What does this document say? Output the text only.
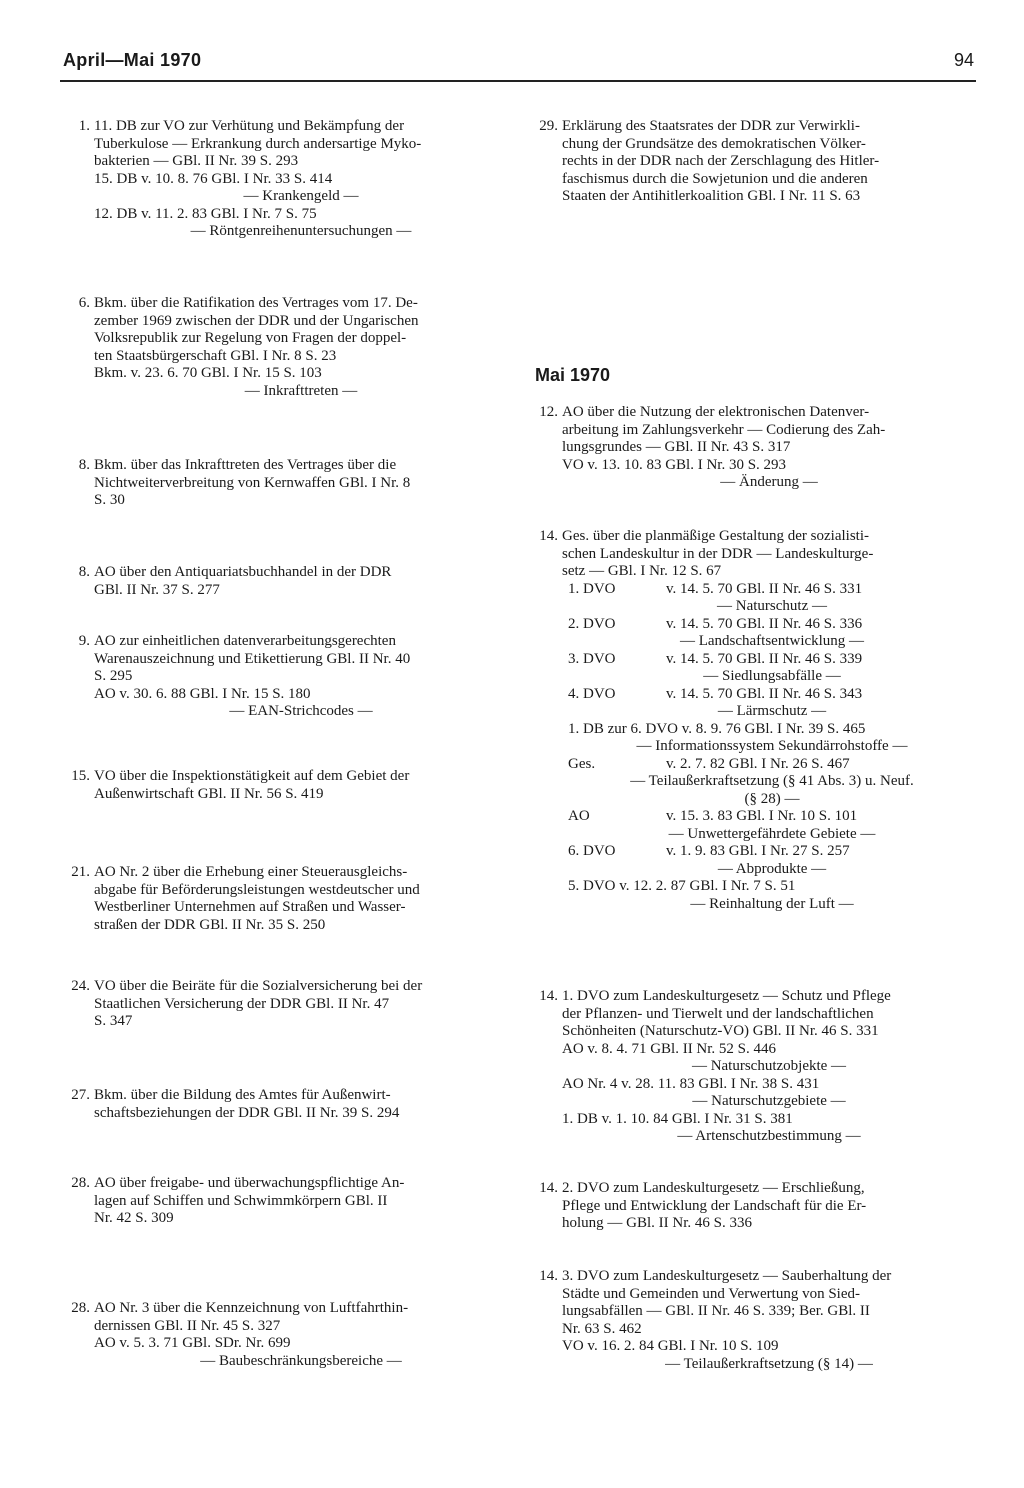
April—Mai 1970	94
1. 11. DB zur VO zur Verhütung und Bekämpfung der

Tuberkulose — Erkrankung durch andersartige Myko-

bakterien — GBl. II Nr. 39 S. 293

15. DB v. 10. 8. 76 GBl. I Nr. 33 S. 414

— Krankengeld —

12. DB v. 11. 2. 83 GBl. I Nr. 7 S. 75

— Röntgenreihenuntersuchungen —

6. Bkm. über die Ratifikation des Vertrages vom 17. De-

zember 1969 zwischen der DDR und der Ungarischen

Volksrepublik zur Regelung von Fragen der doppel-

ten Staatsbürgerschaft GBl. I Nr. 8 S. 23

Bkm. v. 23. 6. 70 GBl. I Nr. 15 S. 103

— Inkrafttreten —

8. Bkm. über das Inkrafttreten des Vertrages über die

Nichtweiterverbreitung von Kernwaffen GBl. I Nr. 8

S. 30

8. AO über den Antiquariatsbuchhandel in der DDR

GBl. II Nr. 37 S. 277

9. AO zur einheitlichen datenverarbeitungsgerechten

Warenauszeichnung und Etikettierung GBl. II Nr. 40

S. 295

AO v. 30. 6. 88 GBl. I Nr. 15 S. 180

— EAN-Strichcodes —

15. VO über die Inspektionstätigkeit auf dem Gebiet der

Außenwirtschaft GBl. II Nr. 56 S. 419

21. AO Nr. 2 über die Erhebung einer Steuerausgleichs-

abgabe für Beförderungsleistungen westdeutscher und

Westberliner Unternehmen auf Straßen und Wasser-

straßen der DDR GBl. II Nr. 35 S. 250

24. VO über die Beiräte für die Sozialversicherung bei der

Staatlichen Versicherung der DDR GBl. II Nr. 47

S. 347

27. Bkm. über die Bildung des Amtes für Außenwirt-

schaftsbeziehungen der DDR GBl. II Nr. 39 S. 294

28. AO über freigabe- und überwachungspflichtige An-

lagen auf Schiffen und Schwimmkörpern GBl. II

Nr. 42 S. 309

28. AO Nr. 3 über die Kennzeichnung von Luftfahrthin-

dernissen GBl. II Nr. 45 S. 327

AO v. 5. 3. 71 GBl. SDr. Nr. 699

— Baubeschränkungsbereiche —

29. Erklärung des Staatsrates der DDR zur Verwirkli-

chung der Grundsätze des demokratischen Völker-

rechts in der DDR nach der Zerschlagung des Hitler-

faschismus durch die Sowjetunion und die anderen

Staaten der Antihitlerkoalition GBl. I Nr. 11 S. 63

Mai 1970
12. AO über die Nutzung der elektronischen Datenver-

arbeitung im Zahlungsverkehr — Codierung des Zah-

lungsgrundes — GBl. II Nr. 43 S. 317

VO v. 13. 10. 83 GBl. I Nr. 30 S. 293

— Änderung —

14. Ges. über die planmäßige Gestaltung der sozialisti-

schen Landeskultur in der DDR — Landeskulturge-

setz — GBl. I Nr. 12 S. 67

1. DVO	v. 14. 5. 70 GBl. II Nr. 46 S. 331

— Naturschutz —

2. DVO	v. 14. 5. 70 GBl. II Nr. 46 S. 336

— Landschaftsentwicklung —

3. DVO	v. 14. 5. 70 GBl. II Nr. 46 S. 339

— Siedlungsabfälle —

4. DVO	v. 14. 5. 70 GBl. II Nr. 46 S. 343

— Lärmschutz —

1. DB zur 6. DVO v. 8. 9. 76 GBl. I Nr. 39 S. 465

— Informationssystem Sekundärrohstoffe —

Ges.	v. 2. 7. 82 GBl. I Nr. 26 S. 467

— Teilaußerkraftsetzung (§ 41 Abs. 3) u. Neuf.

(§ 28) —

AO	v. 15. 3. 83 GBl. I Nr. 10 S. 101

— Unwettergefährdete Gebiete —

6. DVO	v. 1. 9. 83 GBl. I Nr. 27 S. 257

— Abprodukte —

5. DVO v. 12. 2. 87 GBl. I Nr. 7 S. 51

— Reinhaltung der Luft —

14. 1. DVO zum Landeskulturgesetz — Schutz und Pflege

der Pflanzen- und Tierwelt und der landschaftlichen

Schönheiten (Naturschutz-VO) GBl. II Nr. 46 S. 331

AO v. 8. 4. 71 GBl. II Nr. 52 S. 446

— Naturschutzobjekte —

AO Nr. 4 v. 28. 11. 83 GBl. I Nr. 38 S. 431

— Naturschutzgebiete —

1. DB v. 1. 10. 84 GBl. I Nr. 31 S. 381

— Artenschutzbestimmung —

14. 2. DVO zum Landeskulturgesetz — Erschließung,

Pflege und Entwicklung der Landschaft für die Er-

holung — GBl. II Nr. 46 S. 336

14. 3. DVO zum Landeskulturgesetz — Sauberhaltung der

Städte und Gemeinden und Verwertung von Sied-

lungsabfällen — GBl. II Nr. 46 S. 339; Ber. GBl. II

Nr. 63 S. 462

VO v. 16. 2. 84 GBl. I Nr. 10 S. 109

— Teilaußerkraftsetzung (§ 14) —
